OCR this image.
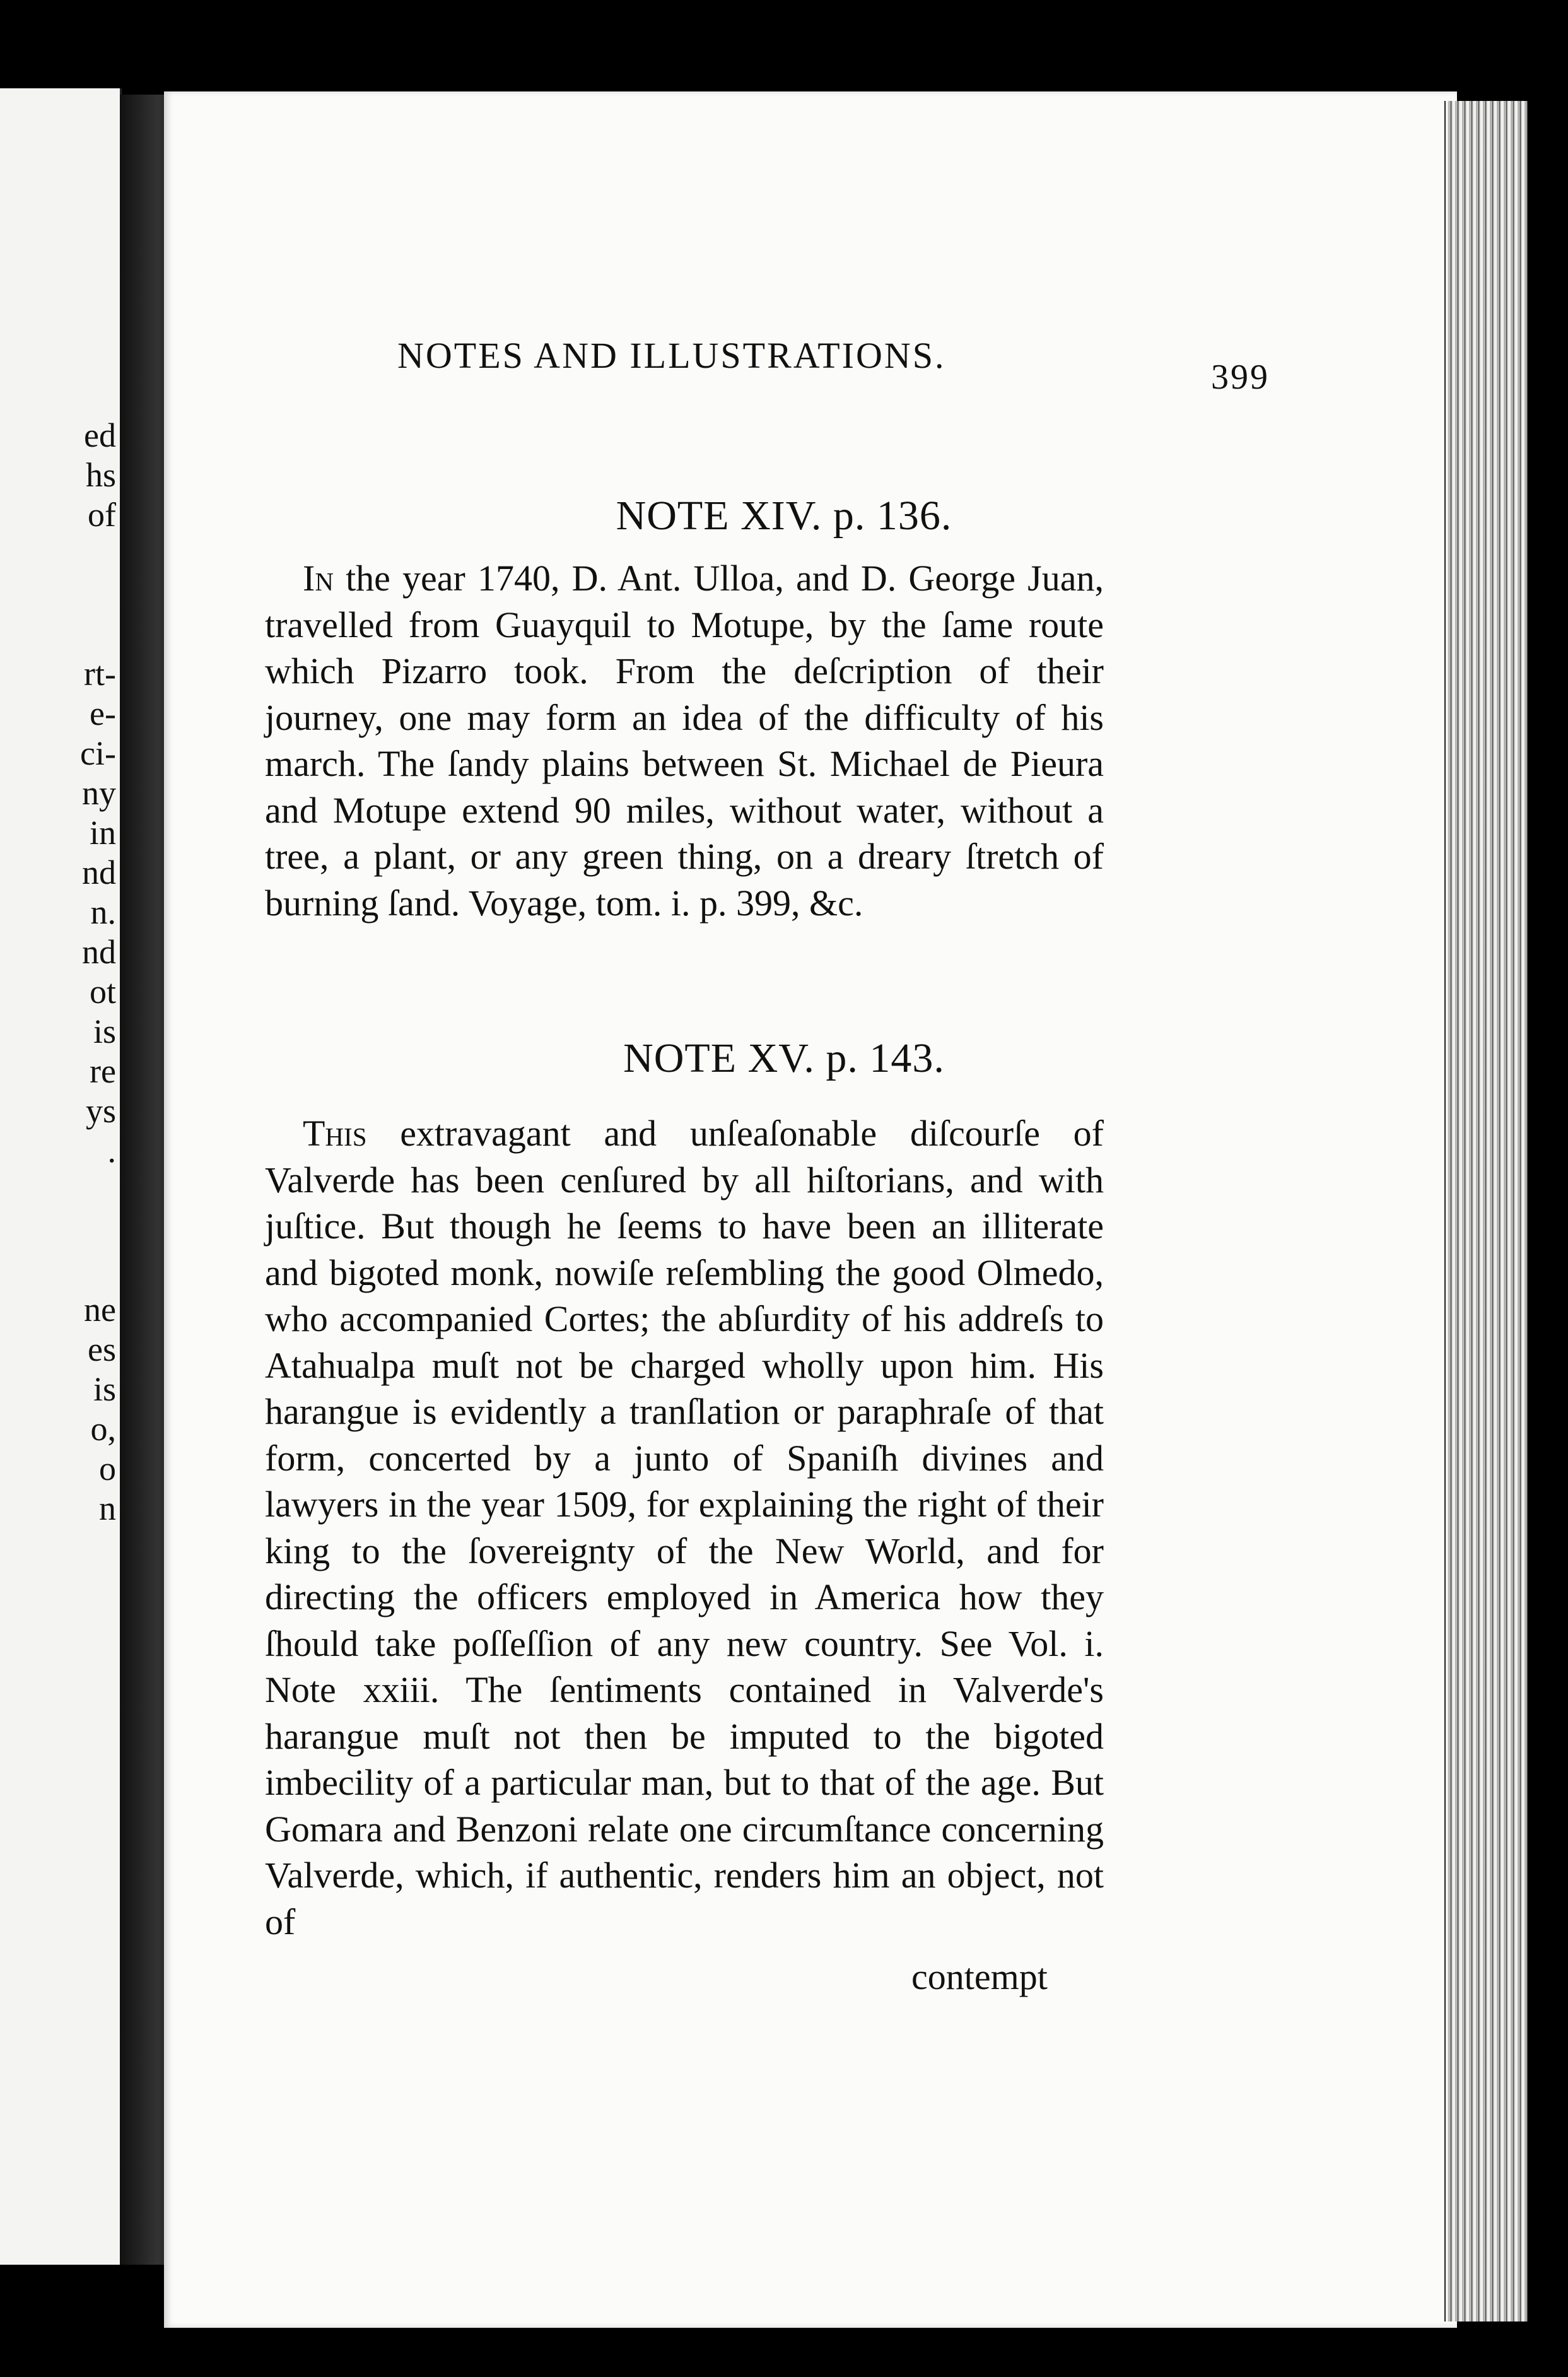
ed
hs
of
rt-
e-
ci-
ny
in
nd
n.
nd
ot
is
re
ys
.
ne
es
is
o,
o
n
NOTES AND ILLUSTRATIONS.
399
NOTE XIV. p. 136.

In the year 1740, D. Ant. Ulloa, and D. George Juan, travelled from Guayquil to Motupe, by the ſame route which Pizarro took. From the deſcription of their journey, one may form an idea of the difficulty of his march. The ſandy plains between St. Michael de Pieura and Motupe extend 90 miles, without water, without a tree, a plant, or any green thing, on a dreary ſtretch of burning ſand. Voyage, tom. i. p. 399, &c.

NOTE XV. p. 143.

This extravagant and unſeaſonable diſcourſe of Valverde has been cenſured by all hiſtorians, and with juſtice. But though he ſeems to have been an illiterate and bigoted monk, nowiſe reſembling the good Olmedo, who accompanied Cortes; the abſurdity of his addreſs to Atahualpa muſt not be charged wholly upon him. His harangue is evidently a tranſlation or paraphraſe of that form, concerted by a junto of Spaniſh divines and lawyers in the year 1509, for explaining the right of their king to the ſovereignty of the New World, and for directing the officers employed in America how they ſhould take poſſeſſion of any new country. See Vol. i. Note xxiii. The ſentiments contained in Valverde's harangue muſt not then be imputed to the bigoted imbecility of a particular man, but to that of the age. But Gomara and Benzoni relate one circumſtance concerning Valverde, which, if authentic, renders him an object, not of

contempt
